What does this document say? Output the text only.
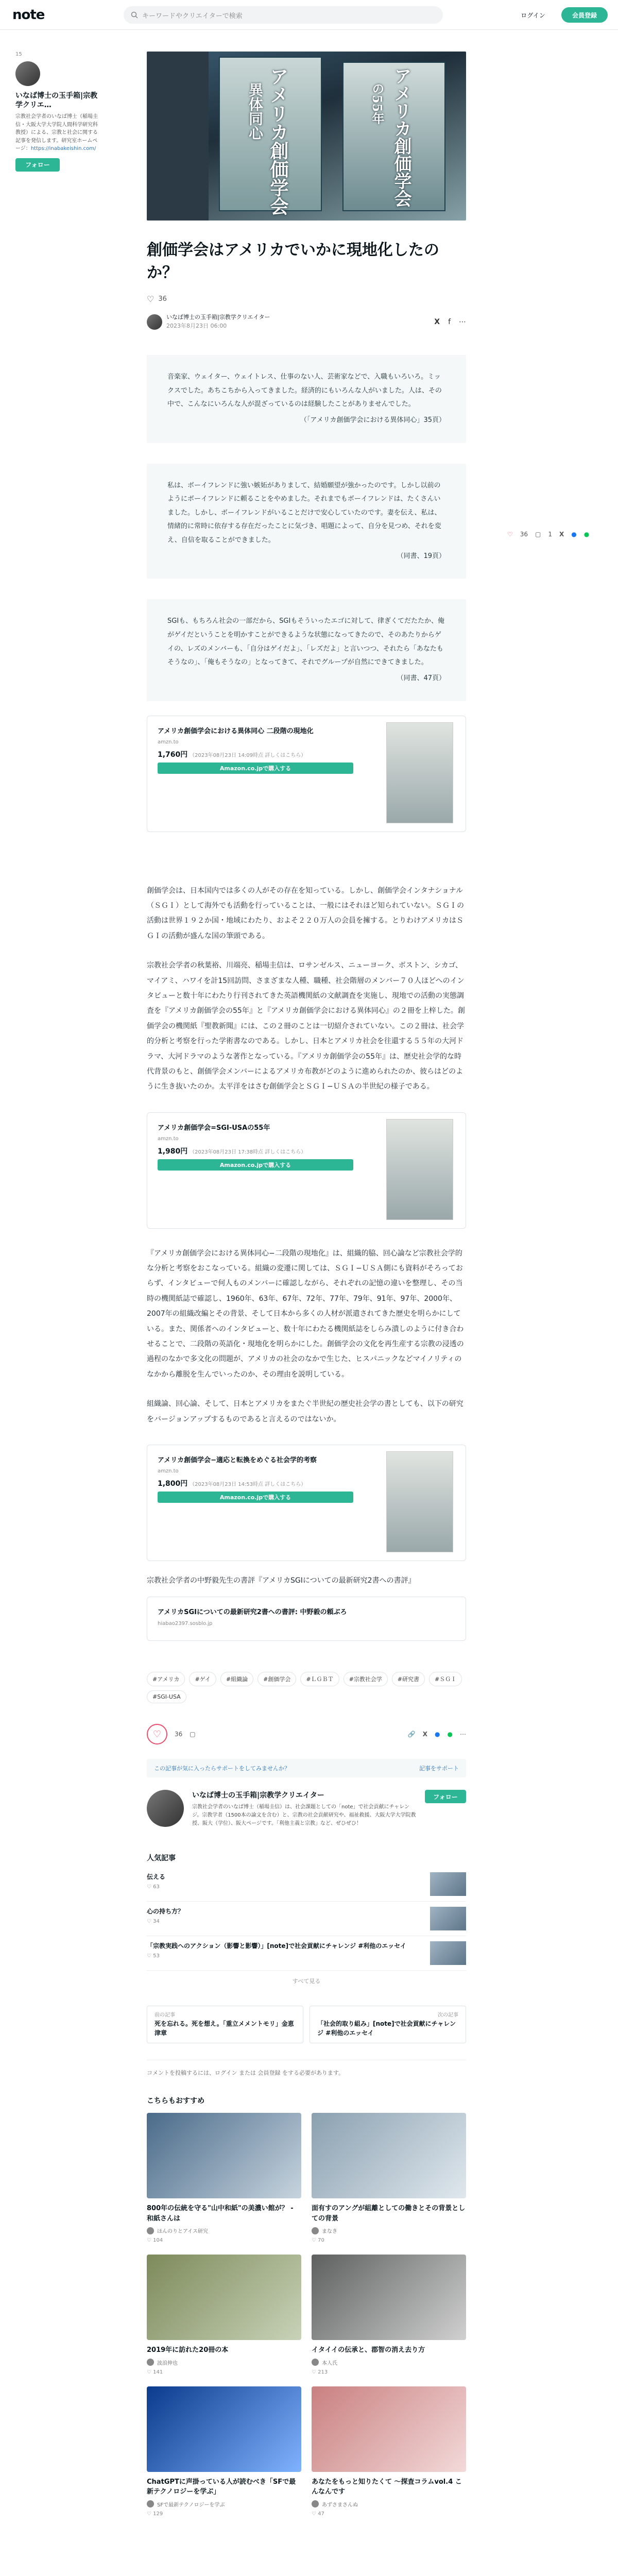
note	キーワードやクリエイターで検索	ログイン	会員登録
15
いなば博士の玉手箱|宗教学クリエ…
宗教社会学者のいなば博士（稲場圭信・大阪大学大学院人間科学研究科教授）による、宗教と社会に関する記事を発信します。研究室ホームページ：https://inabakeishin.com/
フォロー
♡ 36 ▢ 1 X ● ●
アメリカ創価学会
異体同心	アメリカ創価学会
の55年
創価学会はアメリカでいかに現地化したのか？
♡ 36
いなば博士の玉手箱|宗教学クリエイター
2023年8月23日 06:00	X f ⋯
音楽家、ウェイター、ウェイトレス、仕事のない人、芸術家などで、入職もいろいろ。ミックスでした。あちこちから入ってきました。経済的にもいろんな人がいました。人は、その中で、こんなにいろんな人が混ざっているのは経験したことがありませんでした。
（「アメリカ創価学会における異体同心」35頁）
私は、ボーイフレンドに強い嫉妬がありまして、結婚願望が強かったのです。しかし以前のようにボーイフレンドに頼ることをやめました。それまでもボーイフレンドは、たくさんいました。しかし、ボーイフレンドがいることだけで安心していたのです。妻を伝え、私は、情緒的に常時に依存する存在だったことに気づき、唱題によって、自分を見つめ、それを変え、自信を取ることができました。
（同書、19頁）
SGIも、もちろん社会の一部だから、SGIもそういったエゴに対して、律ぎくてだたたか、俺がゲイだということを明かすことができるような状態になってきたので、そのあたりからゲイの、レズのメンバーも、「自分はゲイだよ」、「レズだよ」と言いつつ、それたら「あなたもそうなの」、「俺もそうなの」となってきて、それでグループが自然にできてきました。
（同書、47頁）
アメリカ創価学会における異体同心 二段階の現地化
amzn.to
1,760円 （2023年08月23日 14:09時点 詳しくはこちら）
Amazon.co.jpで購入する

創価学会は、日本国内では多くの人がその存在を知っている。しかし、創価学会インタナショナル（ＳＧＩ）として海外でも活動を行っていることは、一般にはそれほど知られていない。ＳＧＩの活動は世界１９２か国・地域にわたり、およそ２２０万人の会員を擁する。とりわけアメリカはＳＧＩの活動が盛んな国の筆頭である。

宗教社会学者の秋葉裕、川端亮、稲場圭信は、ロサンゼルス、ニューヨーク、ボストン、シカゴ、マイアミ、ハワイを計15回訪問、さまざまな人種、職種、社会階層のメンバー７０人ほどへのインタビューと数十年にわたり行刊されてきた英語機関紙の文献調査を実施し、現地での活動の実態調査を『アメリカ創価学会の55年』と『アメリカ創価学会における異体同心』の２冊を上梓した。創価学会の機関紙『聖教新聞』には、この２冊のことは一切紹介されていない。この２冊は、社会学的分析と考察を行った学術書なのである。しかし、日本とアメリカ社会を往還する５５年の大河ドラマ、大河ドラマのような著作となっている。『アメリカ創価学会の55年』は、歴史社会学的な時代背景のもと、創価学会メンバーによるアメリカ布教がどのように進められたのか、彼らはどのように生き抜いたのか。太平洋をはさむ創価学会とＳＧＩ−ＵＳＡの半世紀の様子である。

アメリカ創価学会=SGI-USAの55年
amzn.to
1,980円 （2023年08月23日 17:38時点 詳しくはこちら）
Amazon.co.jpで購入する

『アメリカ創価学会における異体同心−二段階の現地化』は、組織的脇、回心論など宗教社会学的な分析と考察をおこなっている。組織の変遷に関しては、ＳＧＩ−ＵＳＡ側にも資料がそろっておらず、インタビューで何人ものメンバーに確認しながら、それぞれの記憶の違いを整理し、その当時の機関紙誌で確認し、1960年、63年、67年、72年、77年、79年、91年、97年、2000年、2007年の組織改編とその背景、そして日本から多くの人材が派遣されてきた歴史を明らかにしている。また、関係者へのインタビューと、数十年にわたる機関紙誌をしらみ潰しのように付き合わせることで、二段階の英語化・現地化を明らかにした。創価学会の文化を再生産する宗教の浸透の過程のなかで多文化の問題が、アメリカの社会のなかで生じた、ヒスパニックなどマイノリティのなかから離脱を生んでいったのか、その理由を説明している。

組織論、回心論、そして、日本とアメリカをまたぐ半世紀の歴史社会学の書としても、以下の研究をバージョンアップするものであると言えるのではないか。

アメリカ創価学会−適応と転換をめぐる社会学的考察
amzn.to
1,800円 （2023年08月23日 14:53時点 詳しくはこちら）
Amazon.co.jpで購入する

宗教社会学者の中野毅先生の書評『アメリカSGIについての最新研究2書への書評』

アメリカSGIについての最新研究2書への書評: 中野毅の頼ぶろ
hiabao2397.sosblo.jp
#アメリカ	#ゲイ	#組織論	#創価学会	#ＬＧＢＴ	#宗教社会学	#研究書	#ＳＧＩ
#SGI-USA
♡ 36 ▢	🔗 X ● ● ⋯
この記事が気に入ったらサポートをしてみませんか？	記事をサポート
いなば博士の玉手箱|宗教学クリエイター
宗教社会学者のいなば博士（稲場圭信）は、社会課題としての「note」で社会貢献にチャレンジ。宗教学者（1500本の論文を含む）と、宗教の社会貢献研究や、福祉救援、大阪大学大学院教授、阪大（学位）、阪大ページです。「利他主義と宗教」など、ぜひぜひ！
フォロー
人気記事
伝える
♡ 63
心の持ち方？
♡ 34
「宗教実践へのアクション（影響と影響）」[note]で社会貢献にチャレンジ #利他のエッセイ
♡ 53
すべて見る
前の記事
死を忘れる。死を想え。「重立メメントモリ」金恵津章
次の記事
「社会的取り組み」[note]で社会貢献にチャレンジ #利他のエッセイ
コメントを投稿するには、ログイン または 会員登録 をする必要があります。
こちらもおすすめ
800年の伝統を守る"山中和紙"の美濃い館が？ - 和紙さんは
ほんのりとアイス研究
♡ 104
面有すのアングが組離としての働きとその背景としての背景
まなき
♡ 70
2019年に訪れた20冊の本
波浪伸也
♡ 141
イタイイの伝承と、郡智の消え去り方
本人氏
♡ 213
ChatGPTに声掛っている人が読むべき「SFで最新テクノロジーを学ぶ」
SFで最新テクノロジーを学ぶ
♡ 129
あなたをもっと知りたくて 〜探査コラムvol.4 こんなんです
あずさまさんぬ
♡ 47
